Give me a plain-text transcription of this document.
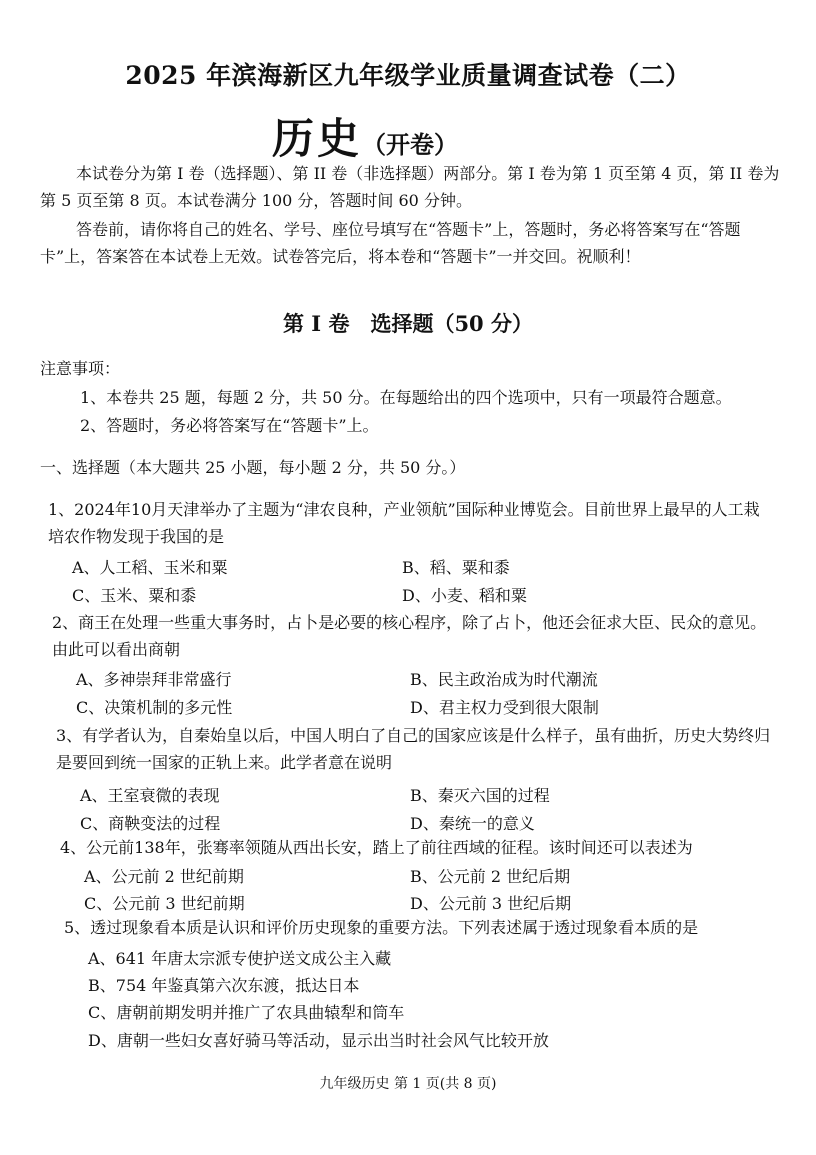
2025 年滨海新区九年级学业质量调查试卷（二）
历史（开卷）

本试卷分为第 I 卷（选择题）、第 II 卷（非选择题）两部分。第 I 卷为第 1 页至第 4 页，第 II 卷为第 5 页至第 8 页。本试卷满分 100 分，答题时间 60 分钟。

答卷前，请你将自己的姓名、学号、座位号填写在“答题卡”上，答题时，务必将答案写在“答题卡”上，答案答在本试卷上无效。试卷答完后，将本卷和“答题卡”一并交回。祝顺利！

第 I 卷　选择题（50 分）
注意事项：
1、本卷共 25 题，每题 2 分，共 50 分。在每题给出的四个选项中，只有一项最符合题意。
2、答题时，务必将答案写在“答题卡”上。
一、选择题（本大题共 25 小题，每小题 2 分，共 50 分。）
1、2024年10月天津举办了主题为“津农良种，产业领航”国际种业博览会。目前世界上最早的人工栽培农作物发现于我国的是
A、人工稻、玉米和粟	B、稻、粟和黍
C、玉米、粟和黍	D、小麦、稻和粟
2、商王在处理一些重大事务时，占卜是必要的核心程序，除了占卜，他还会征求大臣、民众的意见。由此可以看出商朝
A、多神崇拜非常盛行	B、民主政治成为时代潮流
C、决策机制的多元性	D、君主权力受到很大限制
3、有学者认为，自秦始皇以后，中国人明白了自己的国家应该是什么样子，虽有曲折，历史大势终归是要回到统一国家的正轨上来。此学者意在说明
A、王室衰微的表现	B、秦灭六国的过程
C、商鞅变法的过程	D、秦统一的意义
4、公元前138年，张骞率领随从西出长安，踏上了前往西域的征程。该时间还可以表述为
A、公元前 2 世纪前期	B、公元前 2 世纪后期
C、公元前 3 世纪前期	D、公元前 3 世纪后期
5、透过现象看本质是认识和评价历史现象的重要方法。下列表述属于透过现象看本质的是
A、641 年唐太宗派专使护送文成公主入藏
B、754 年鉴真第六次东渡，抵达日本
C、唐朝前期发明并推广了农具曲辕犁和筒车
D、唐朝一些妇女喜好骑马等活动，显示出当时社会风气比较开放
九年级历史 第 1 页(共 8 页)
